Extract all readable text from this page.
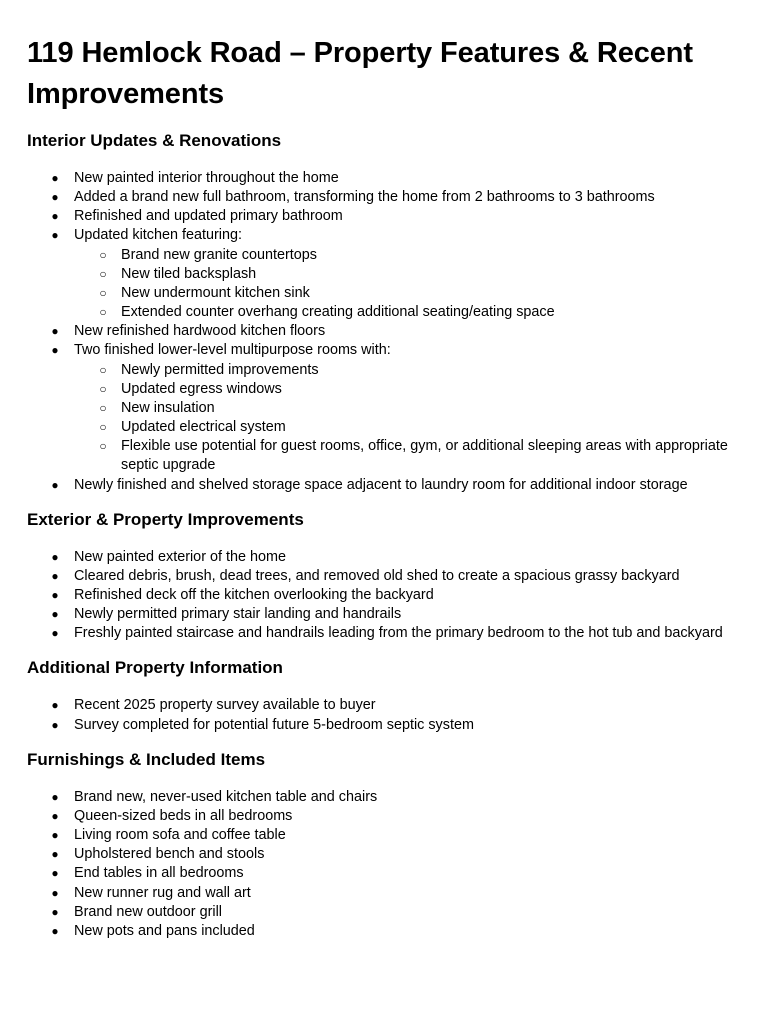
119 Hemlock Road – Property Features & Recent Improvements
Interior Updates & Renovations
● New painted interior throughout the home
● Added a brand new full bathroom, transforming the home from 2 bathrooms to 3 bathrooms
● Refinished and updated primary bathroom
● Updated kitchen featuring:
○ Brand new granite countertops
○ New tiled backsplash
○ New undermount kitchen sink
○ Extended counter overhang creating additional seating/eating space
● New refinished hardwood kitchen floors
● Two finished lower-level multipurpose rooms with:
○ Newly permitted improvements
○ Updated egress windows
○ New insulation
○ Updated electrical system
○ Flexible use potential for guest rooms, office, gym, or additional sleeping areas with appropriate septic upgrade
● Newly finished and shelved storage space adjacent to laundry room for additional indoor storage
Exterior & Property Improvements
● New painted exterior of the home
● Cleared debris, brush, dead trees, and removed old shed to create a spacious grassy backyard
● Refinished deck off the kitchen overlooking the backyard
● Newly permitted primary stair landing and handrails
● Freshly painted staircase and handrails leading from the primary bedroom to the hot tub and backyard
Additional Property Information
● Recent 2025 property survey available to buyer
● Survey completed for potential future 5-bedroom septic system
Furnishings & Included Items
● Brand new, never-used kitchen table and chairs
● Queen-sized beds in all bedrooms
● Living room sofa and coffee table
● Upholstered bench and stools
● End tables in all bedrooms
● New runner rug and wall art
● Brand new outdoor grill
● New pots and pans included
